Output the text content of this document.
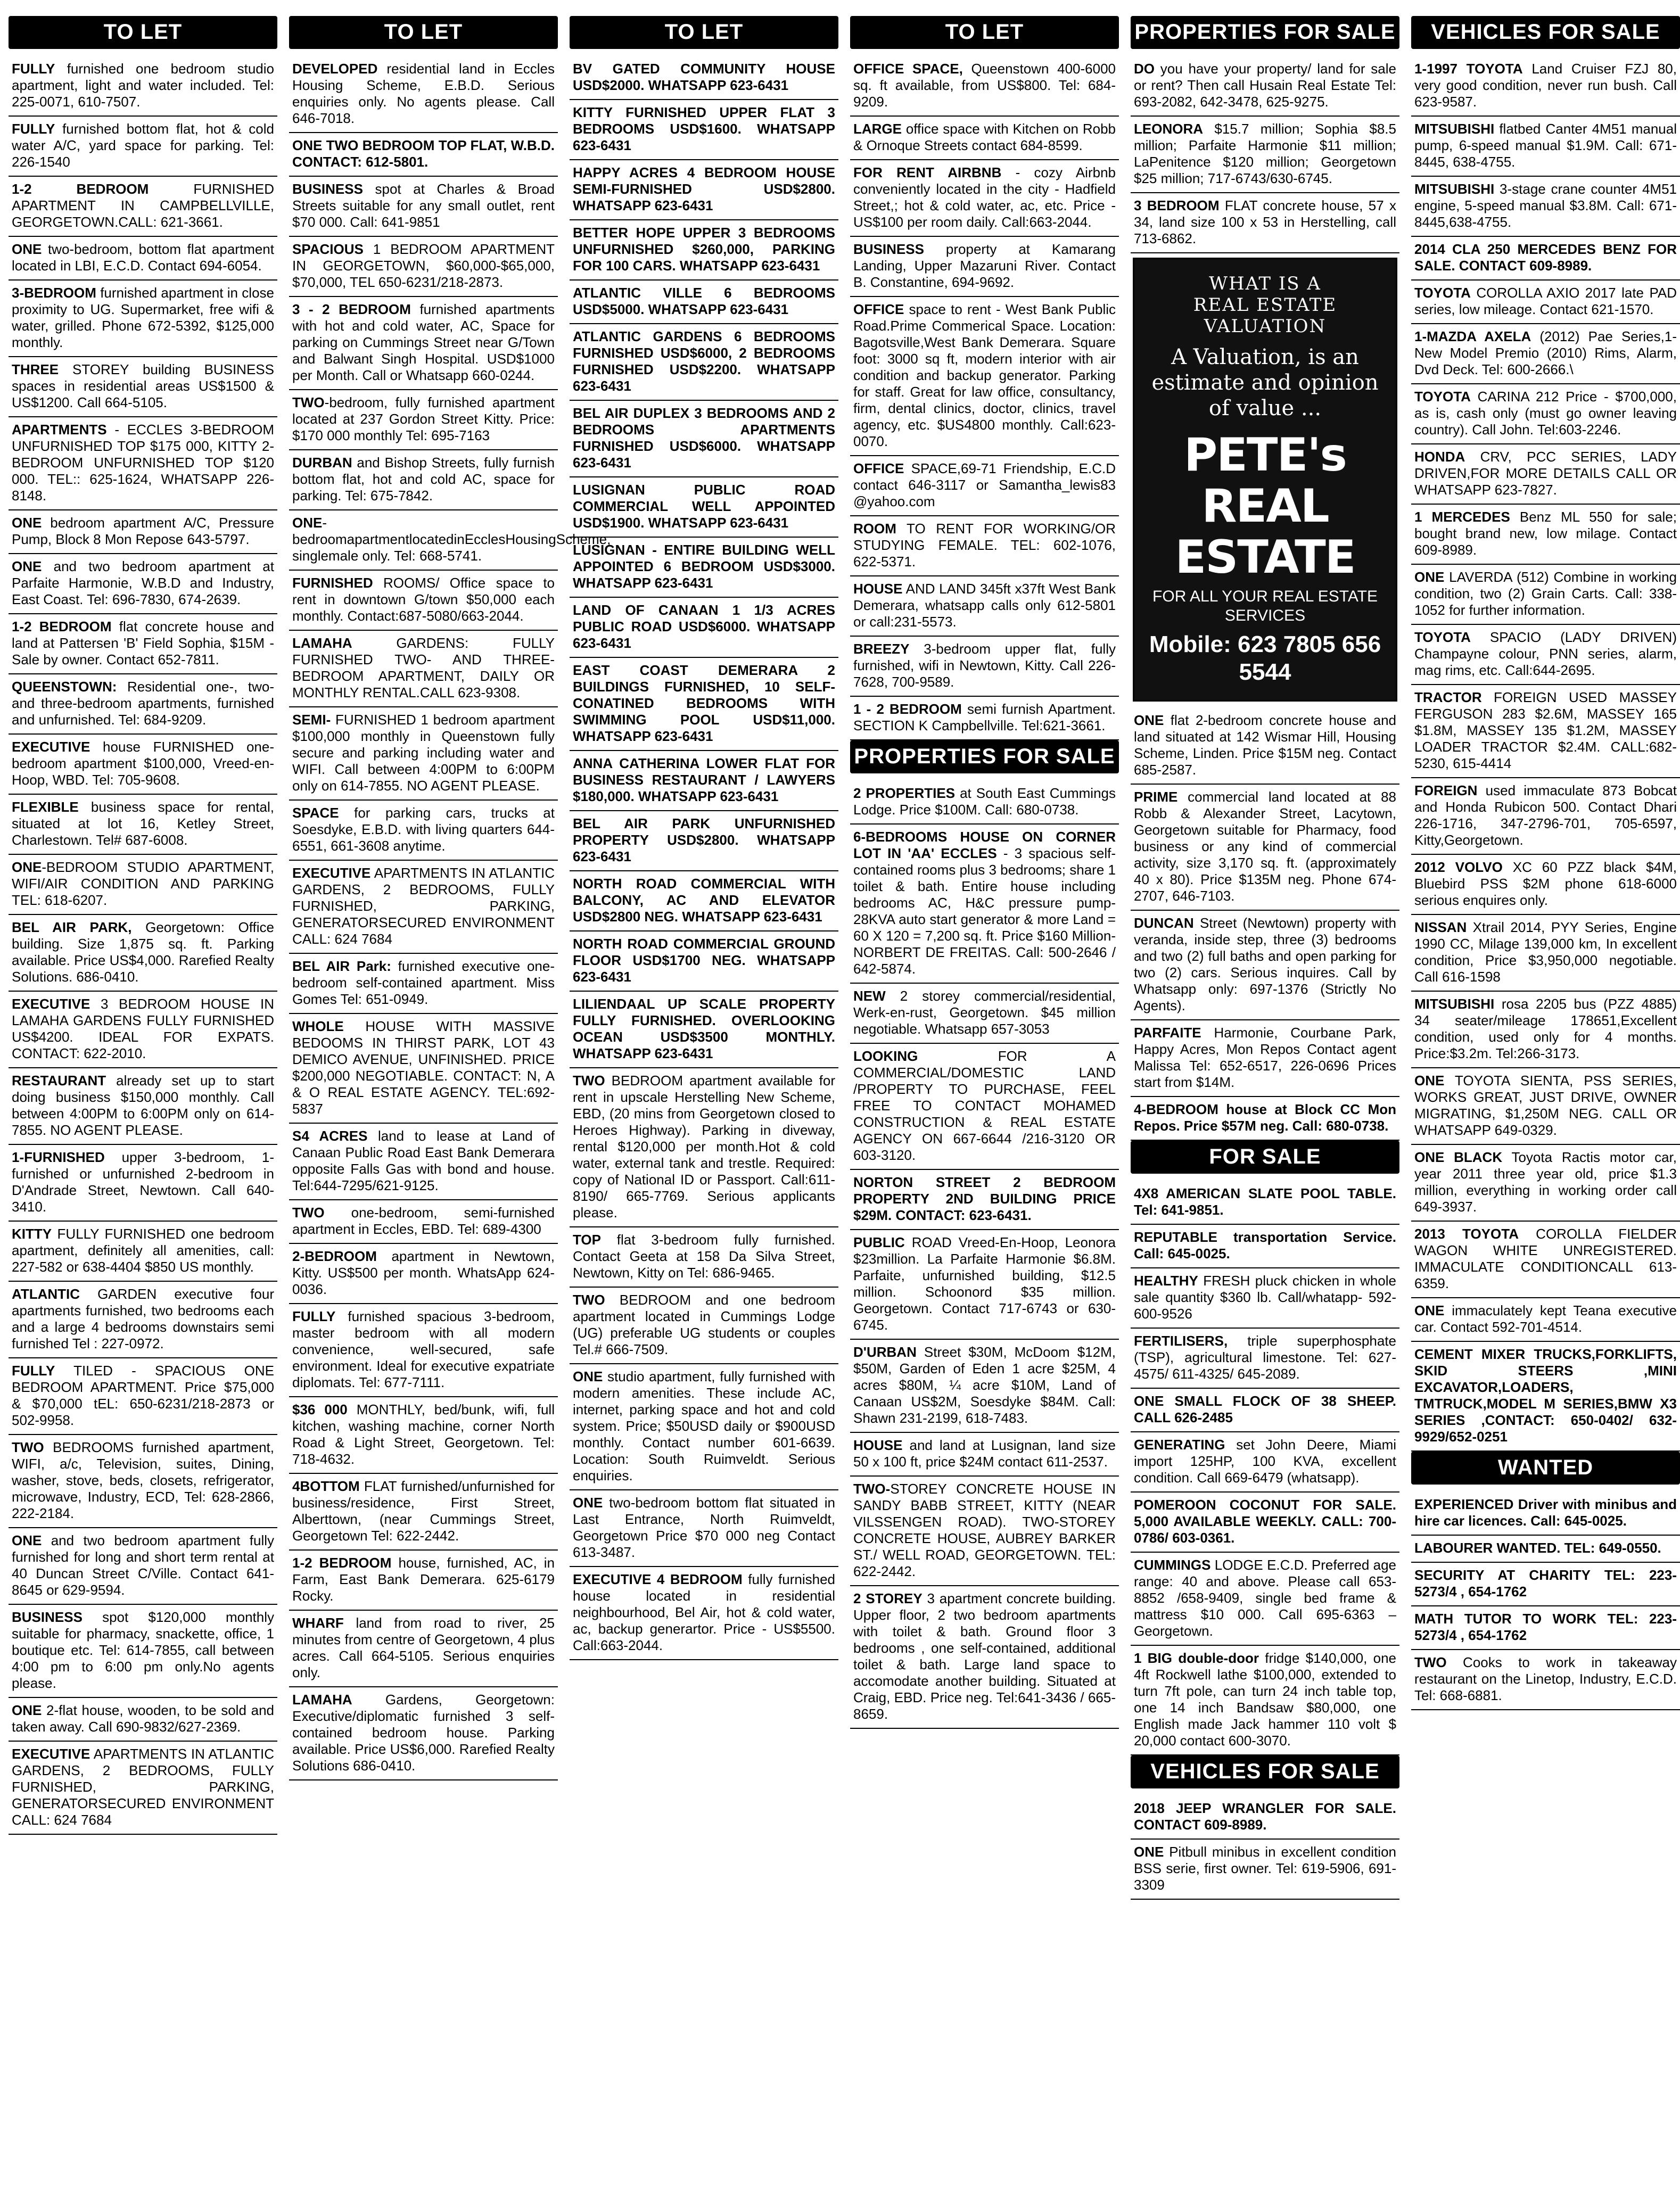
TO LET
FULLY furnished one bedroom studio apartment, light and water included. Tel: 225-0071, 610-7507.
FULLY furnished bottom flat, hot & cold water A/C, yard space for parking. Tel: 226-1540
1-2 BEDROOM FURNISHED APARTMENT IN CAMPBELLVILLE, GEORGETOWN.CALL: 621-3661.
ONE two-bedroom, bottom flat apartment located in LBI, E.C.D. Contact 694-6054.
3-BEDROOM furnished apartment in close proximity to UG. Supermarket, free wifi & water, grilled. Phone 672-5392, $125,000 monthly.
THREE STOREY building BUSINESS spaces in residential areas US$1500 & US$1200. Call 664-5105.
APARTMENTS - ECCLES 3-BEDROOM UNFURNISHED TOP $175 000, KITTY 2-BEDROOM UNFURNISHED TOP $120 000. TEL:: 625-1624, WHATSAPP 226-8148.
ONE bedroom apartment A/C, Pressure Pump, Block 8 Mon Repose 643-5797.
ONE and two bedroom apartment at Parfaite Harmonie, W.B.D and Industry, East Coast. Tel: 696-7830, 674-2639.
1-2 BEDROOM flat concrete house and land at Pattersen 'B' Field Sophia, $15M - Sale by owner. Contact 652-7811.
QUEENSTOWN: Residential one-, two- and three-bedroom apartments, furnished and unfurnished. Tel: 684-9209.
EXECUTIVE house FURNISHED one-bedroom apartment $100,000, Vreed-en-Hoop, WBD. Tel: 705-9608.
FLEXIBLE business space for rental, situated at lot 16, Ketley Street, Charlestown. Tel# 687-6008.
ONE-BEDROOM STUDIO APARTMENT, WIFI/AIR CONDITION AND PARKING TEL: 618-6207.
BEL AIR PARK, Georgetown: Office building. Size 1,875 sq. ft. Parking available. Price US$4,000. Rarefied Realty Solutions. 686-0410.
EXECUTIVE 3 BEDROOM HOUSE IN LAMAHA GARDENS FULLY FURNISHED US$4200. IDEAL FOR EXPATS. CONTACT: 622-2010.
RESTAURANT already set up to start doing business $150,000 monthly. Call between 4:00PM to 6:00PM only on 614-7855. NO AGENT PLEASE.
1-FURNISHED upper 3-bedroom, 1-furnished or unfurnished 2-bedroom in D'Andrade Street, Newtown. Call 640-3410.
KITTY FULLY FURNISHED one bedroom apartment, definitely all amenities, call: 227-582 or 638-4404 $850 US monthly.
ATLANTIC GARDEN executive four apartments furnished, two bedrooms each and a large 4 bedrooms downstairs semi furnished Tel : 227-0972.
FULLY TILED - SPACIOUS ONE BEDROOM APARTMENT. Price $75,000 & $70,000 tEL: 650-6231/218-2873 or 502-9958.
TWO BEDROOMS furnished apartment, WIFI, a/c, Television, suites, Dining, washer, stove, beds, closets, refrigerator, microwave, Industry, ECD, Tel: 628-2866, 222-2184.
ONE and two bedroom apartment fully furnished for long and short term rental at 40 Duncan Street C/Ville. Contact 641-8645 or 629-9594.
BUSINESS spot $120,000 monthly suitable for pharmacy, snackette, office, 1 boutique etc. Tel: 614-7855, call between 4:00 pm to 6:00 pm only.No agents please.
ONE 2-flat house, wooden, to be sold and taken away. Call 690-9832/627-2369.
EXECUTIVE APARTMENTS IN ATLANTIC GARDENS, 2 BEDROOMS, FULLY FURNISHED, PARKING, GENERATORSECURED ENVIRONMENT CALL: 624 7684
TO LET
DEVELOPED residential land in Eccles Housing Scheme, E.B.D. Serious enquiries only. No agents please. Call 646-7018.
ONE TWO BEDROOM TOP FLAT, W.B.D. CONTACT: 612-5801.
BUSINESS spot at Charles & Broad Streets suitable for any small outlet, rent $70 000. Call: 641-9851
SPACIOUS 1 BEDROOM APARTMENT IN GEORGETOWN, $60,000-$65,000, $70,000, TEL 650-6231/218-2873.
3 - 2 BEDROOM furnished apartments with hot and cold water, AC, Space for parking on Cummings Street near G/Town and Balwant Singh Hospital. USD$1000 per Month. Call or Whatsapp 660-0244.
TWO-bedroom, fully furnished apartment located at 237 Gordon Street Kitty. Price: $170 000 monthly Tel: 695-7163
DURBAN and Bishop Streets, fully furnish bottom flat, hot and cold AC, space for parking. Tel: 675-7842.
ONE-bedroomapartmentlocatedinEcclesHousingScheme, singlemale only. Tel: 668-5741.
FURNISHED ROOMS/ Office space to rent in downtown G/town $50,000 each monthly. Contact:687-5080/663-2044.
LAMAHA GARDENS: FULLY FURNISHED TWO- AND THREE-BEDROOM APARTMENT, DAILY OR MONTHLY RENTAL.CALL 623-9308.
SEMI- FURNISHED 1 bedroom apartment $100,000 monthly in Queenstown fully secure and parking including water and WIFI. Call between 4:00PM to 6:00PM only on 614-7855. NO AGENT PLEASE.
SPACE for parking cars, trucks at Soesdyke, E.B.D. with living quarters 644-6551, 661-3608 anytime.
EXECUTIVE APARTMENTS IN ATLANTIC GARDENS, 2 BEDROOMS, FULLY FURNISHED, PARKING, GENERATORSECURED ENVIRONMENT CALL: 624 7684
BEL AIR Park: furnished executive one-bedroom self-contained apartment. Miss Gomes Tel: 651-0949.
WHOLE HOUSE WITH MASSIVE BEDOOMS IN THIRST PARK, LOT 43 DEMICO AVENUE, UNFINISHED. PRICE $200,000 NEGOTIABLE. CONTACT: N, A & O REAL ESTATE AGENCY. TEL:692-5837
S4 ACRES land to lease at Land of Canaan Public Road East Bank Demerara opposite Falls Gas with bond and house. Tel:644-7295/621-9125.
TWO one-bedroom, semi-furnished apartment in Eccles, EBD. Tel: 689-4300
2-BEDROOM apartment in Newtown, Kitty. US$500 per month. WhatsApp 624-0036.
FULLY furnished spacious 3-bedroom, master bedroom with all modern convenience, well-secured, safe environment. Ideal for executive expatriate diplomats. Tel: 677-7111.
$36 000 MONTHLY, bed/bunk, wifi, full kitchen, washing machine, corner North Road & Light Street, Georgetown. Tel: 718-4632.
4BOTTOM FLAT furnished/unfurnished for business/residence, First Street, Alberttown, (near Cummings Street, Georgetown Tel: 622-2442.
1-2 BEDROOM house, furnished, AC, in Farm, East Bank Demerara. 625-6179 Rocky.
WHARF land from road to river, 25 minutes from centre of Georgetown, 4 plus acres. Call 664-5105. Serious enquiries only.
LAMAHA Gardens, Georgetown: Executive/diplomatic furnished 3 self-contained bedroom house. Parking available. Price US$6,000. Rarefied Realty Solutions 686-0410.
TO LET
BV GATED COMMUNITY HOUSE USD$2000. WHATSAPP 623-6431
KITTY FURNISHED UPPER FLAT 3 BEDROOMS USD$1600. WHATSAPP 623-6431
HAPPY ACRES 4 BEDROOM HOUSE SEMI-FURNISHED USD$2800. WHATSAPP 623-6431
BETTER HOPE UPPER 3 BEDROOMS UNFURNISHED $260,000, PARKING FOR 100 CARS. WHATSAPP 623-6431
ATLANTIC VILLE 6 BEDROOMS USD$5000. WHATSAPP 623-6431
ATLANTIC GARDENS 6 BEDROOMS FURNISHED USD$6000, 2 BEDROOMS FURNISHED USD$2200. WHATSAPP 623-6431
BEL AIR DUPLEX 3 BEDROOMS AND 2 BEDROOMS APARTMENTS FURNISHED USD$6000. WHATSAPP 623-6431
LUSIGNAN PUBLIC ROAD COMMERCIAL WELL APPOINTED USD$1900. WHATSAPP 623-6431
LUSIGNAN - ENTIRE BUILDING WELL APPOINTED 6 BEDROOM USD$3000. WHATSAPP 623-6431
LAND OF CANAAN 1 1/3 ACRES PUBLIC ROAD USD$6000. WHATSAPP 623-6431
EAST COAST DEMERARA 2 BUILDINGS FURNISHED, 10 SELF-CONATINED BEDROOMS WITH SWIMMING POOL USD$11,000. WHATSAPP 623-6431
ANNA CATHERINA LOWER FLAT FOR BUSINESS RESTAURANT / LAWYERS $180,000. WHATSAPP 623-6431
BEL AIR PARK UNFURNISHED PROPERTY USD$2800. WHATSAPP 623-6431
NORTH ROAD COMMERCIAL WITH BALCONY, AC AND ELEVATOR USD$2800 NEG. WHATSAPP 623-6431
NORTH ROAD COMMERCIAL GROUND FLOOR USD$1700 NEG. WHATSAPP 623-6431
LILIENDAAL UP SCALE PROPERTY FULLY FURNISHED. OVERLOOKING OCEAN USD$3500 MONTHLY. WHATSAPP 623-6431
TWO BEDROOM apartment available for rent in upscale Herstelling New Scheme, EBD, (20 mins from Georgetown closed to Heroes Highway). Parking in diveway, rental $120,000 per month.Hot & cold water, external tank and trestle. Required: copy of National ID or Passport. Call:611-8190/ 665-7769. Serious applicants please.
TOP flat 3-bedroom fully furnished. Contact Geeta at 158 Da Silva Street, Newtown, Kitty on Tel: 686-9465.
TWO BEDROOM and one bedroom apartment located in Cummings Lodge (UG) preferable UG students or couples Tel.# 666-7509.
ONE studio apartment, fully furnished with modern amenities. These include AC, internet, parking space and hot and cold system. Price; $50USD daily or $900USD monthly. Contact number 601-6639. Location: South Ruimveldt. Serious enquiries.
ONE two-bedroom bottom flat situated in Last Entrance, North Ruimveldt, Georgetown Price $70 000 neg Contact 613-3487.
EXECUTIVE 4 BEDROOM fully furnished house located in residential neighbourhood, Bel Air, hot & cold water, ac, backup generartor. Price - US$5500. Call:663-2044.
TO LET
OFFICE SPACE, Queenstown 400-6000 sq. ft available, from US$800. Tel: 684-9209.
LARGE office space with Kitchen on Robb & Ornoque Streets contact 684-8599.
FOR RENT AIRBNB - cozy Airbnb conveniently located in the city - Hadfield Street,; hot & cold water, ac, etc. Price - US$100 per room daily. Call:663-2044.
BUSINESS property at Kamarang Landing, Upper Mazaruni River. Contact B. Constantine, 694-9692.
OFFICE space to rent - West Bank Public Road.Prime Commerical Space. Location: Bagotsville,West Bank Demerara. Square foot: 3000 sq ft, modern interior with air condition and backup generator. Parking for staff. Great for law office, consultancy, firm, dental clinics, doctor, clinics, travel agency, etc. $US4800 monthly. Call:623-0070.
OFFICE SPACE,69-71 Friendship, E.C.D contact 646-3117 or Samantha_lewis83 @yahoo.com
ROOM TO RENT FOR WORKING/OR STUDYING FEMALE. TEL: 602-1076, 622-5371.
HOUSE AND LAND 345ft x37ft West Bank Demerara, whatsapp calls only 612-5801 or call:231-5573.
BREEZY 3-bedroom upper flat, fully furnished, wifi in Newtown, Kitty. Call 226-7628, 700-9589.
1 - 2 BEDROOM semi furnish Apartment. SECTION K Campbellville. Tel:621-3661.
PROPERTIES FOR SALE
2 PROPERTIES at South East Cummings Lodge. Price $100M. Call: 680-0738.
6-BEDROOMS HOUSE ON CORNER LOT IN 'AA' ECCLES - 3 spacious self-contained rooms plus 3 bedrooms; share 1 toilet & bath. Entire house including bedrooms AC, H&C pressure pump-28KVA auto start generator & more Land = 60 X 120 = 7,200 sq. ft. Price $160 Million- NORBERT DE FREITAS. Call: 500-2646 / 642-5874.
NEW 2 storey commercial/residential, Werk-en-rust, Georgetown. $45 million negotiable. Whatsapp 657-3053
LOOKING FOR A COMMERCIAL/DOMESTIC LAND /PROPERTY TO PURCHASE, FEEL FREE TO CONTACT MOHAMED CONSTRUCTION & REAL ESTATE AGENCY ON 667-6644 /216-3120 OR 603-3120.
NORTON STREET 2 BEDROOM PROPERTY 2ND BUILDING PRICE $29M. CONTACT: 623-6431.
PUBLIC ROAD Vreed-En-Hoop, Leonora $23million. La Parfaite Harmonie $6.8M. Parfaite, unfurnished building, $12.5 million. Schoonord $35 million. Georgetown. Contact 717-6743 or 630-6745.
D'URBAN Street $30M, McDoom $12M, $50M, Garden of Eden 1 acre $25M, 4 acres $80M, ¼ acre $10M, Land of Canaan US$2M, Soesdyke $84M. Call: Shawn 231-2199, 618-7483.
HOUSE and land at Lusignan, land size 50 x 100 ft, price $24M contact 611-2537.
TWO-STOREY CONCRETE HOUSE IN SANDY BABB STREET, KITTY (NEAR VILSSENGEN ROAD). TWO-STOREY CONCRETE HOUSE, AUBREY BARKER ST./ WELL ROAD, GEORGETOWN. TEL: 622-2442.
2 STOREY 3 apartment concrete building. Upper floor, 2 two bedroom apartments with toilet & bath. Ground floor 3 bedrooms , one self-contained, additional toilet & bath. Large land space to accomodate another building. Situated at Craig, EBD. Price neg. Tel:641-3436 / 665-8659.
PROPERTIES FOR SALE
DO you have your property/ land for sale or rent? Then call Husain Real Estate Tel: 693-2082, 642-3478, 625-9275.
LEONORA $15.7 million; Sophia $8.5 million; Parfaite Harmonie $11 million; LaPenitence $120 million; Georgetown $25 million; 717-6743/630-6745.
3 BEDROOM FLAT concrete house, 57 x 34, land size 100 x 53 in Herstelling, call 713-6862.
WHAT IS A
REAL ESTATE
VALUATION
A Valuation, is an estimate and opinion of value ...
PETE's REAL ESTATE
FOR ALL YOUR REAL ESTATE SERVICES
Mobile: 623 7805 656 5544
ONE flat 2-bedroom concrete house and land situated at 142 Wismar Hill, Housing Scheme, Linden. Price $15M neg. Contact 685-2587.
PRIME commercial land located at 88 Robb & Alexander Street, Lacytown, Georgetown suitable for Pharmacy, food business or any kind of commercial activity, size 3,170 sq. ft. (approximately 40 x 80). Price $135M neg. Phone 674-2707, 646-7103.
DUNCAN Street (Newtown) property with veranda, inside step, three (3) bedrooms and two (2) full baths and open parking for two (2) cars. Serious inquires. Call by Whatsapp only: 697-1376 (Strictly No Agents).
PARFAITE Harmonie, Courbane Park, Happy Acres, Mon Repos Contact agent Malissa Tel: 652-6517, 226-0696 Prices start from $14M.
4-BEDROOM house at Block CC Mon Repos. Price $57M neg. Call: 680-0738.
FOR SALE
4X8 AMERICAN SLATE POOL TABLE. Tel: 641-9851.
REPUTABLE transportation Service. Call: 645-0025.
HEALTHY FRESH pluck chicken in whole sale quantity $360 lb. Call/whatapp- 592-600-9526
FERTILISERS, triple superphosphate (TSP), agricultural limestone. Tel: 627-4575/ 611-4325/ 645-2089.
ONE SMALL FLOCK OF 38 SHEEP. CALL 626-2485
GENERATING set John Deere, Miami import 125HP, 100 KVA, excellent condition. Call 669-6479 (whatsapp).
POMEROON COCONUT FOR SALE. 5,000 AVAILABLE WEEKLY. CALL: 700-0786/ 603-0361.
CUMMINGS LODGE E.C.D. Preferred age range: 40 and above. Please call 653-8852 /658-9409, single bed frame & mattress $10 000. Call 695-6363 – Georgetown.
1 BIG double-door fridge $140,000, one 4ft Rockwell lathe $100,000, extended to turn 7ft pole, can turn 24 inch table top, one 14 inch Bandsaw $80,000, one English made Jack hammer 110 volt $ 20,000 contact 600-3070.
VEHICLES FOR SALE
2018 JEEP WRANGLER FOR SALE. CONTACT 609-8989.
ONE Pitbull minibus in excellent condition BSS serie, first owner. Tel: 619-5906, 691-3309
VEHICLES FOR SALE
1-1997 TOYOTA Land Cruiser FZJ 80, very good condition, never run bush. Call 623-9587.
MITSUBISHI flatbed Canter 4M51 manual pump, 6-speed manual $1.9M. Call: 671-8445, 638-4755.
MITSUBISHI 3-stage crane counter 4M51 engine, 5-speed manual $3.8M. Call: 671-8445,638-4755.
2014 CLA 250 MERCEDES BENZ FOR SALE. CONTACT 609-8989.
TOYOTA COROLLA AXIO 2017 late PAD series, low mileage. Contact 621-1570.
1-MAZDA AXELA (2012) Pae Series,1- New Model Premio (2010) Rims, Alarm, Dvd Deck. Tel: 600-2666.\
TOYOTA CARINA 212 Price - $700,000, as is, cash only (must go owner leaving country). Call John. Tel:603-2246.
HONDA CRV, PCC SERIES, LADY DRIVEN,FOR MORE DETAILS CALL OR WHATSAPP 623-7827.
1 MERCEDES Benz ML 550 for sale; bought brand new, low milage. Contact 609-8989.
ONE LAVERDA (512) Combine in working condition, two (2) Grain Carts. Call: 338-1052 for further information.
TOYOTA SPACIO (LADY DRIVEN) Champayne colour, PNN series, alarm, mag rims, etc. Call:644-2695.
TRACTOR FOREIGN USED MASSEY FERGUSON 283 $2.6M, MASSEY 165 $1.8M, MASSEY 135 $1.2M, MASSEY LOADER TRACTOR $2.4M. CALL:682-5230, 615-4414
FOREIGN used immaculate 873 Bobcat and Honda Rubicon 500. Contact Dhari 226-1716, 347-2796-701, 705-6597, Kitty,Georgetown.
2012 VOLVO XC 60 PZZ black $4M, Bluebird PSS $2M phone 618-6000 serious enquires only.
NISSAN Xtrail 2014, PYY Series, Engine 1990 CC, Milage 139,000 km, In excellent condition, Price $3,950,000 negotiable. Call 616-1598
MITSUBISHI rosa 2205 bus (PZZ 4885) 34 seater/mileage 178651,Excellent condition, used only for 4 months. Price:$3.2m. Tel:266-3173.
ONE TOYOTA SIENTA, PSS SERIES, WORKS GREAT, JUST DRIVE, OWNER MIGRATING, $1,250M NEG. CALL OR WHATSAPP 649-0329.
ONE BLACK Toyota Ractis motor car, year 2011 three year old, price $1.3 million, everything in working order call 649-3937.
2013 TOYOTA COROLLA FIELDER WAGON WHITE UNREGISTERED. IMMACULATE CONDITIONCALL 613-6359.
ONE immaculately kept Teana executive car. Contact 592-701-4514.
CEMENT MIXER TRUCKS,FORKLIFTS, SKID STEERS ,MINI EXCAVATOR,LOADERS, TMTRUCK,MODEL M SERIES,BMW X3 SERIES ,CONTACT: 650-0402/ 632-9929/652-0251
WANTED
EXPERIENCED Driver with minibus and hire car licences. Call: 645-0025.
LABOURER WANTED. TEL: 649-0550.
SECURITY AT CHARITY TEL: 223-5273/4 , 654-1762
MATH TUTOR TO WORK TEL: 223-5273/4 , 654-1762
TWO Cooks to work in takeaway restaurant on the Linetop, Industry, E.C.D. Tel: 668-6881.
